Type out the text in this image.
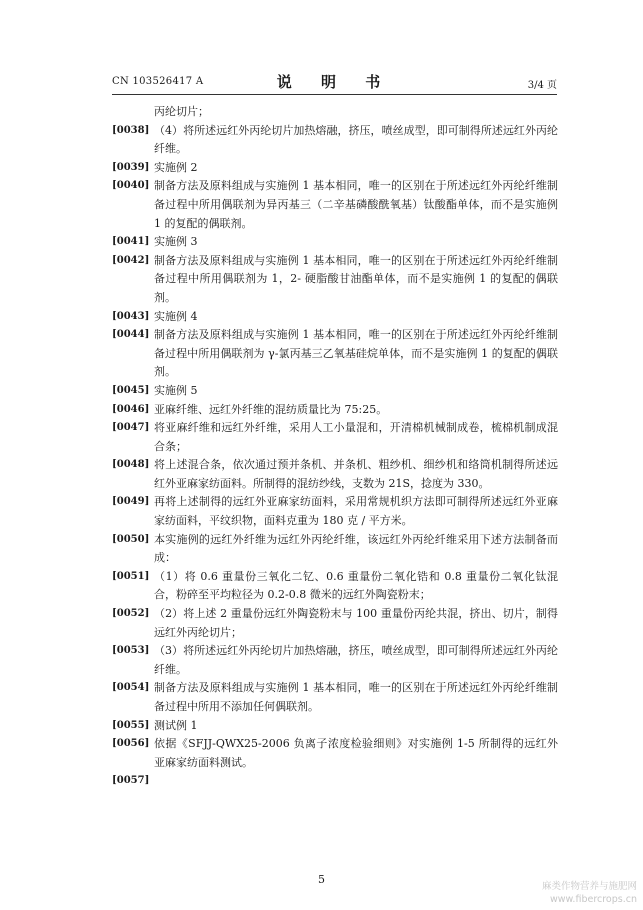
CN 103526417 A	说 明 书	3/4 页
丙纶切片；
[0038] （4）将所述远红外丙纶切片加热熔融，挤压，喷丝成型，即可制得所述远红外丙纶纤维。
[0039] 实施例 2
[0040] 制备方法及原料组成与实施例 1 基本相同，唯一的区别在于所述远红外丙纶纤维制备过程中所用偶联剂为异丙基三（二辛基磷酸酰氧基）钛酸酯单体，而不是实施例 1 的复配的偶联剂。
[0041] 实施例 3
[0042] 制备方法及原料组成与实施例 1 基本相同，唯一的区别在于所述远红外丙纶纤维制备过程中所用偶联剂为 1，2- 硬脂酸甘油酯单体，而不是实施例 1 的复配的偶联剂。
[0043] 实施例 4
[0044] 制备方法及原料组成与实施例 1 基本相同，唯一的区别在于所述远红外丙纶纤维制备过程中所用偶联剂为 γ-氯丙基三乙氧基硅烷单体，而不是实施例 1 的复配的偶联剂。
[0045] 实施例 5
[0046] 亚麻纤维、远红外纤维的混纺质量比为 75:25。
[0047] 将亚麻纤维和远红外纤维，采用人工小量混和，开清棉机械制成卷，梳棉机制成混合条；
[0048] 将上述混合条，依次通过预并条机、并条机、粗纱机、细纱机和络筒机制得所述远红外亚麻家纺面料。所制得的混纺纱线，支数为 21S，捻度为 330。
[0049] 再将上述制得的远红外亚麻家纺面料，采用常规机织方法即可制得所述远红外亚麻家纺面料，平纹织物，面料克重为 180 克 / 平方米。
[0050] 本实施例的远红外纤维为远红外丙纶纤维，该远红外丙纶纤维采用下述方法制备而成：
[0051] （1）将 0.6 重量份三氧化二钇、0.6 重量份二氧化锆和 0.8 重量份二氧化钛混合，粉碎至平均粒径为 0.2-0.8 微米的远红外陶瓷粉末；
[0052] （2）将上述 2 重量份远红外陶瓷粉末与 100 重量份丙纶共混，挤出、切片，制得远红外丙纶切片；
[0053] （3）将所述远红外丙纶切片加热熔融，挤压，喷丝成型，即可制得所述远红外丙纶纤维。
[0054] 制备方法及原料组成与实施例 1 基本相同，唯一的区别在于所述远红外丙纶纤维制备过程中所用不添加任何偶联剂。
[0055] 测试例 1
[0056] 依据《SFJJ-QWX25-2006 负离子浓度检验细则》对实施例 1-5 所制得的远红外亚麻家纺面料测试。
[0057]
5
麻类作物营养与施肥网
www.fibercrops.cn
